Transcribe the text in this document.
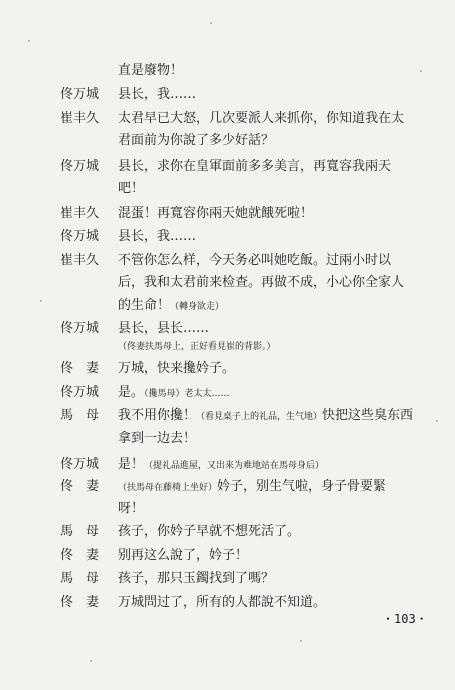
直是廢物！
佟万城	县长，我……
崔丰久	太君早已大怒，几次要派人来抓你，你知道我在太
君面前为你說了多少好話？
佟万城	县长，求你在皇軍面前多多美言，再寬容我兩天
吧！
崔丰久	混蛋！再寬容你兩天她就餓死啦！
佟万城	县长，我……
崔丰久	不管你怎么样，今天务必叫她吃飯。过兩小时以
后，我和太君前来检查。再做不成，小心你全家人
的生命！（轉身欲走）
佟万城	县长，县长……
（佟妻扶馬母上，正好看見崔的背影。）
佟　妻	万城，快来攙妗子。
佟万城	是。（攙馬母）老太太……
馬　母	我不用你攙！（看見桌子上的礼品，生气地）快把这些臭东西
拿到一边去！
佟万城	是！（提礼品進屋，又出来为难地站在馬母身后）
佟　妻	（扶馬母在藤椅上坐好）妗子，别生气啦，身子骨要緊
呀！
馬　母	孩子，你妗子早就不想死活了。
佟　妻	别再这么說了，妗子！
馬　母	孩子，那只玉鐲找到了嗎？
佟　妻	万城問过了，所有的人都說不知道。
・103・
